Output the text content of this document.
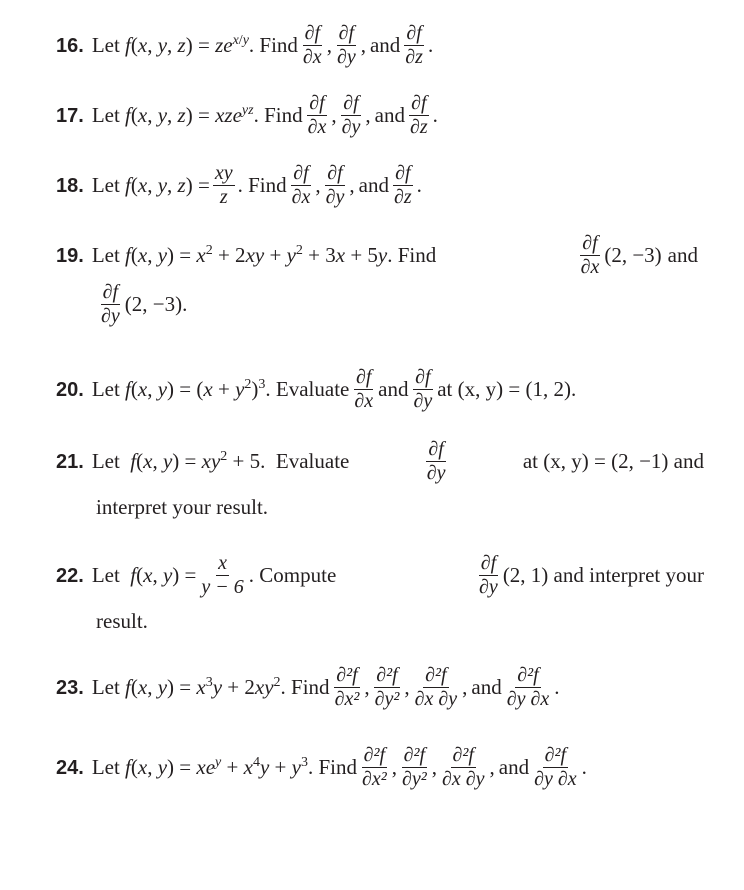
16. Let f(x, y, $z) = ze^{x/y}$. Find $\frac{\partial f}{\partial x}$ , $\frac{\partial f}{\partial y}$ , and $\frac{\partial f}{\partial z}$ .
17. Let f(x, y, z) = xze$^{yz}$. Find $\frac{\partial f}{\partial x}$ , $\frac{\partial f}{\partial y}$ , and $\frac{\partial f}{\partial z}$ .
18. Let f(x, y, $z) = \frac{xy}{z}$ . Find $\frac{\partial f}{\partial x}$ , $\frac{\partial f}{\partial y}$ , and $\frac{\partial f}{\partial z}$ .
19. Let f(x, $y) = x^2 + 2xy + y^2 + 3x + 5y$. Find	$\frac{\partial f}{\partial x} (2$, −3) and
$\frac{\partial f}{\partial y} (2$, −3).
20. Let f(x, $y) = (x + y^2)^3$. Evaluate $\frac{\partial f}{\partial x}$ and $\frac{\partial f}{\partial y}$ at (x, y) = (1, 2).
21. Let  f(x, $y) = xy^2 + 5$.  Evaluate	$\frac{\partial f}{\partial y}$	at (x, y) = (2, −1) and
interpret your result.
22. Let  f(x, $y) = \frac{x}{y - 6}$ . Compute	$\frac{\partial f}{\partial y} (2$, 1) and interpret your
result.
23. Let f(x, $y) = x^3y + 2xy^2$. Find $\frac{\text{∂²f}}{\text{∂x²}}$ , $\frac{\text{∂²f}}{\text{∂y²}}$ , $\frac{\text{∂²f}}{\partial x \partial y}$ , and $\frac{\text{∂²f}}{\partial y \partial x}$ .
24. Let f(x, $y) = xe^y + x^4y + y^3$. Find $\frac{\text{∂²f}}{\text{∂x²}}$ , $\frac{\text{∂²f}}{\text{∂y²}}$ , $\frac{\text{∂²f}}{\partial x \partial y}$ , and $\frac{\text{∂²f}}{\partial y \partial x}$ .
